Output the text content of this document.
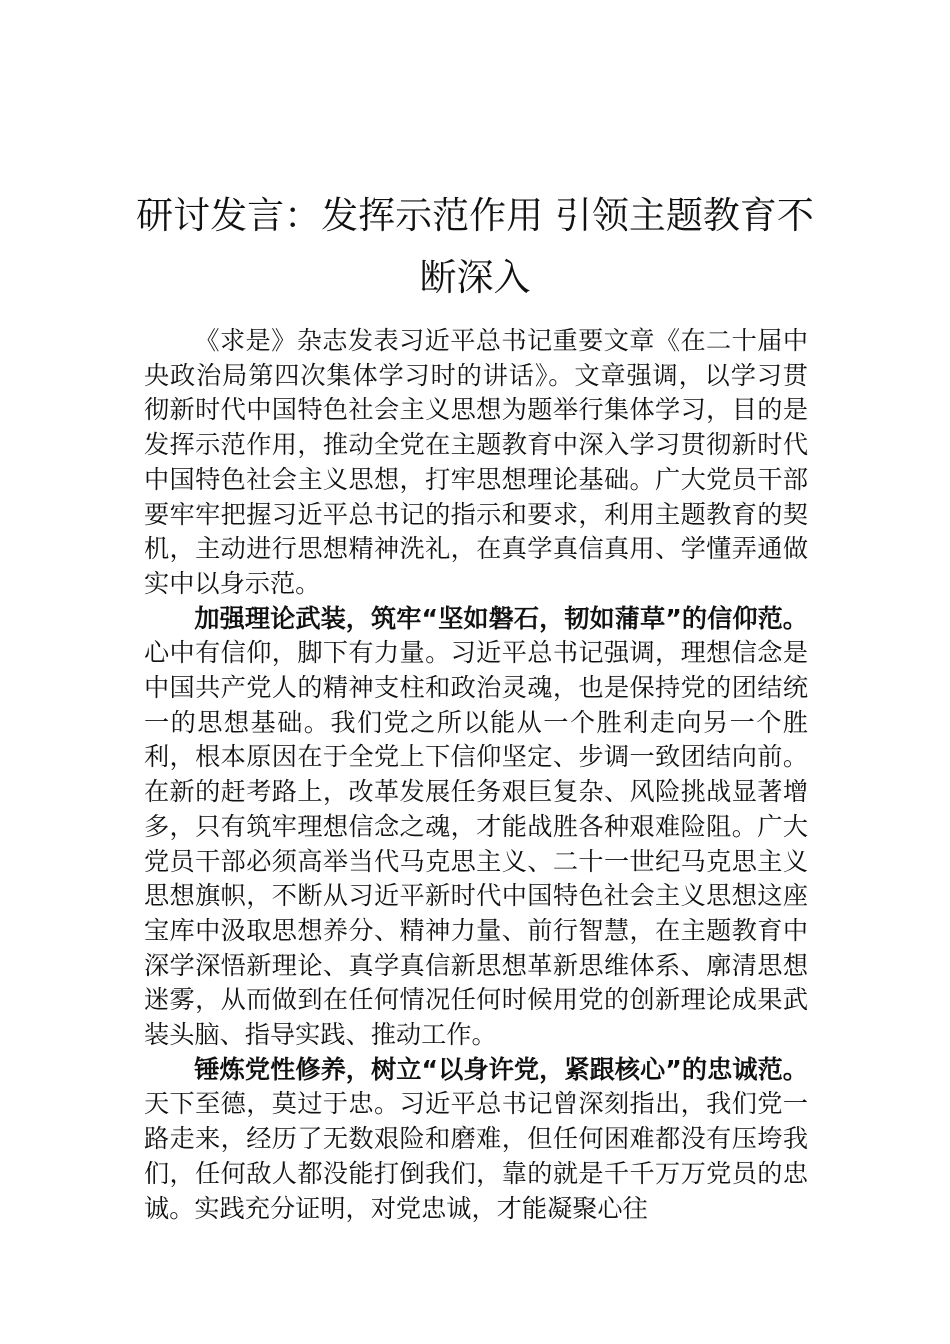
研讨发言：发挥示范作用 引领主题教育不断深入

《求是》杂志发表习近平总书记重要文章《在二十届中央政治局第四次集体学习时的讲话》。文章强调，以学习贯彻新时代中国特色社会主义思想为题举行集体学习，目的是发挥示范作用，推动全党在主题教育中深入学习贯彻新时代中国特色社会主义思想，打牢思想理论基础。广大党员干部要牢牢把握习近平总书记的指示和要求，利用主题教育的契机，主动进行思想精神洗礼，在真学真信真用、学懂弄通做实中以身示范。

加强理论武装，筑牢“坚如磐石，韧如蒲草”的信仰范。心中有信仰，脚下有力量。习近平总书记强调，理想信念是中国共产党人的精神支柱和政治灵魂，也是保持党的团结统一的思想基础。我们党之所以能从一个胜利走向另一个胜利，根本原因在于全党上下信仰坚定、步调一致团结向前。在新的赶考路上，改革发展任务艰巨复杂、风险挑战显著增多，只有筑牢理想信念之魂，才能战胜各种艰难险阻。广大党员干部必须高举当代马克思主义、二十一世纪马克思主义思想旗帜，不断从习近平新时代中国特色社会主义思想这座宝库中汲取思想养分、精神力量、前行智慧，在主题教育中深学深悟新理论、真学真信新思想革新思维体系、廓清思想迷雾，从而做到在任何情况任何时候用党的创新理论成果武装头脑、指导实践、推动工作。

锤炼党性修养，树立“以身许党，紧跟核心”的忠诚范。天下至德，莫过于忠。习近平总书记曾深刻指出，我们党一路走来，经历了无数艰险和磨难，但任何困难都没有压垮我们，任何敌人都没能打倒我们，靠的就是千千万万党员的忠诚。实践充分证明，对党忠诚，才能凝聚心往
